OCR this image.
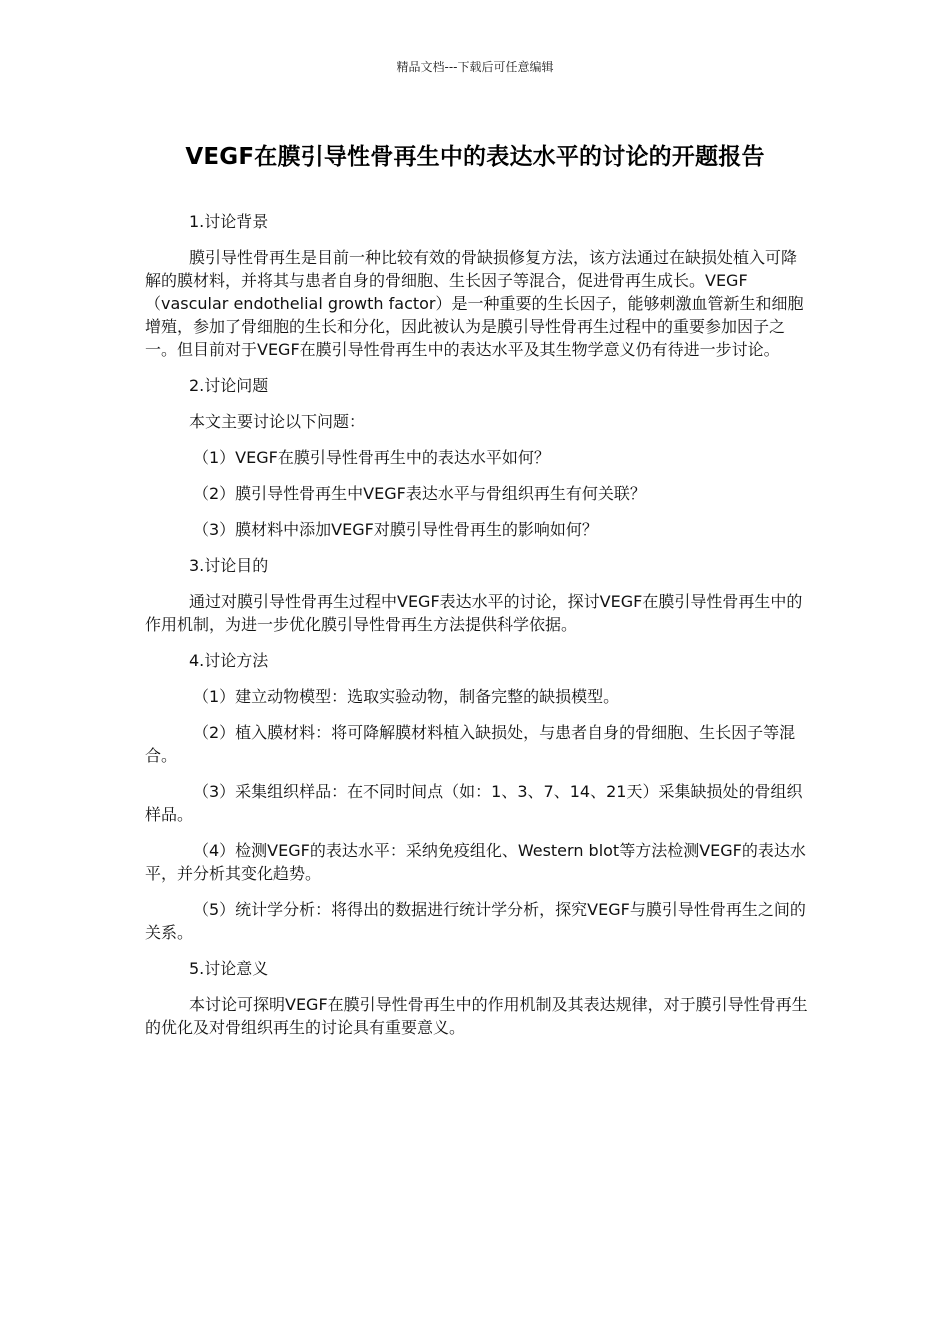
精品文档---下载后可任意编辑
VEGF在膜引导性骨再生中的表达水平的讨论的开题报告
1.讨论背景
膜引导性骨再生是目前一种比较有效的骨缺损修复方法，该方法通过在缺损处植入可降解的膜材料，并将其与患者自身的骨细胞、生长因子等混合，促进骨再生成长。VEGF（vascular endothelial growth factor）是一种重要的生长因子，能够刺激血管新生和细胞增殖，参加了骨细胞的生长和分化，因此被认为是膜引导性骨再生过程中的重要参加因子之一。但目前对于VEGF在膜引导性骨再生中的表达水平及其生物学意义仍有待进一步讨论。
2.讨论问题
本文主要讨论以下问题：
（1）VEGF在膜引导性骨再生中的表达水平如何？
（2）膜引导性骨再生中VEGF表达水平与骨组织再生有何关联？
（3）膜材料中添加VEGF对膜引导性骨再生的影响如何？
3.讨论目的
通过对膜引导性骨再生过程中VEGF表达水平的讨论，探讨VEGF在膜引导性骨再生中的作用机制，为进一步优化膜引导性骨再生方法提供科学依据。
4.讨论方法
（1）建立动物模型：选取实验动物，制备完整的缺损模型。
（2）植入膜材料：将可降解膜材料植入缺损处，与患者自身的骨细胞、生长因子等混合。
（3）采集组织样品：在不同时间点（如：1、3、7、14、21天）采集缺损处的骨组织样品。
（4）检测VEGF的表达水平：采纳免疫组化、Western blot等方法检测VEGF的表达水平，并分析其变化趋势。
（5）统计学分析：将得出的数据进行统计学分析，探究VEGF与膜引导性骨再生之间的关系。
5.讨论意义
本讨论可探明VEGF在膜引导性骨再生中的作用机制及其表达规律，对于膜引导性骨再生的优化及对骨组织再生的讨论具有重要意义。
